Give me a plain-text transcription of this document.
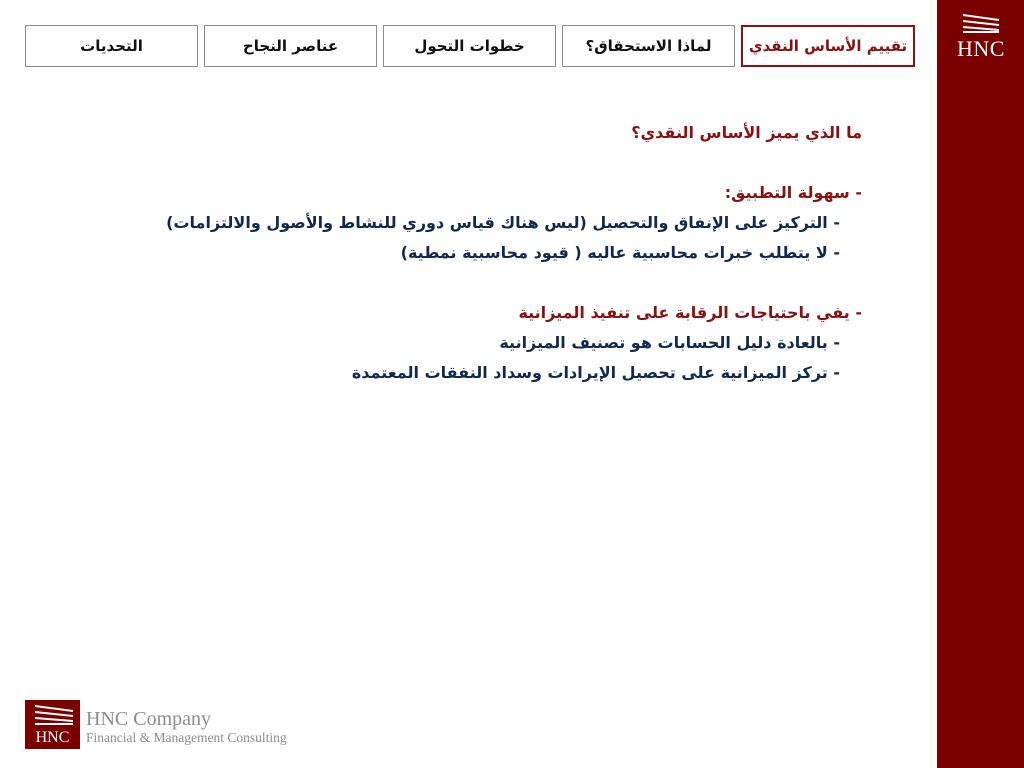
HNC
تقييم الأساس النقدي
لماذا الاستحقاق؟
خطوات التحول
عناصر النجاح
التحديات
ما الذي يميز الأساس النقدي؟
- سهولة التطبيق:
- التركيز على الإنفاق والتحصيل (ليس هناك قياس دوري للنشاط والأصول والالتزامات)
- لا يتطلب خبرات محاسبية عاليه ( قيود محاسبية نمطية)
- يفي باحتياجات الرقابة على تنفيذ الميزانية
- بالعادة دليل الحسابات هو تصنيف الميزانية
- تركز الميزانية على تحصيل الإيرادات وسداد النفقات المعتمدة
HNC
HNC Company
Financial & Management Consulting
